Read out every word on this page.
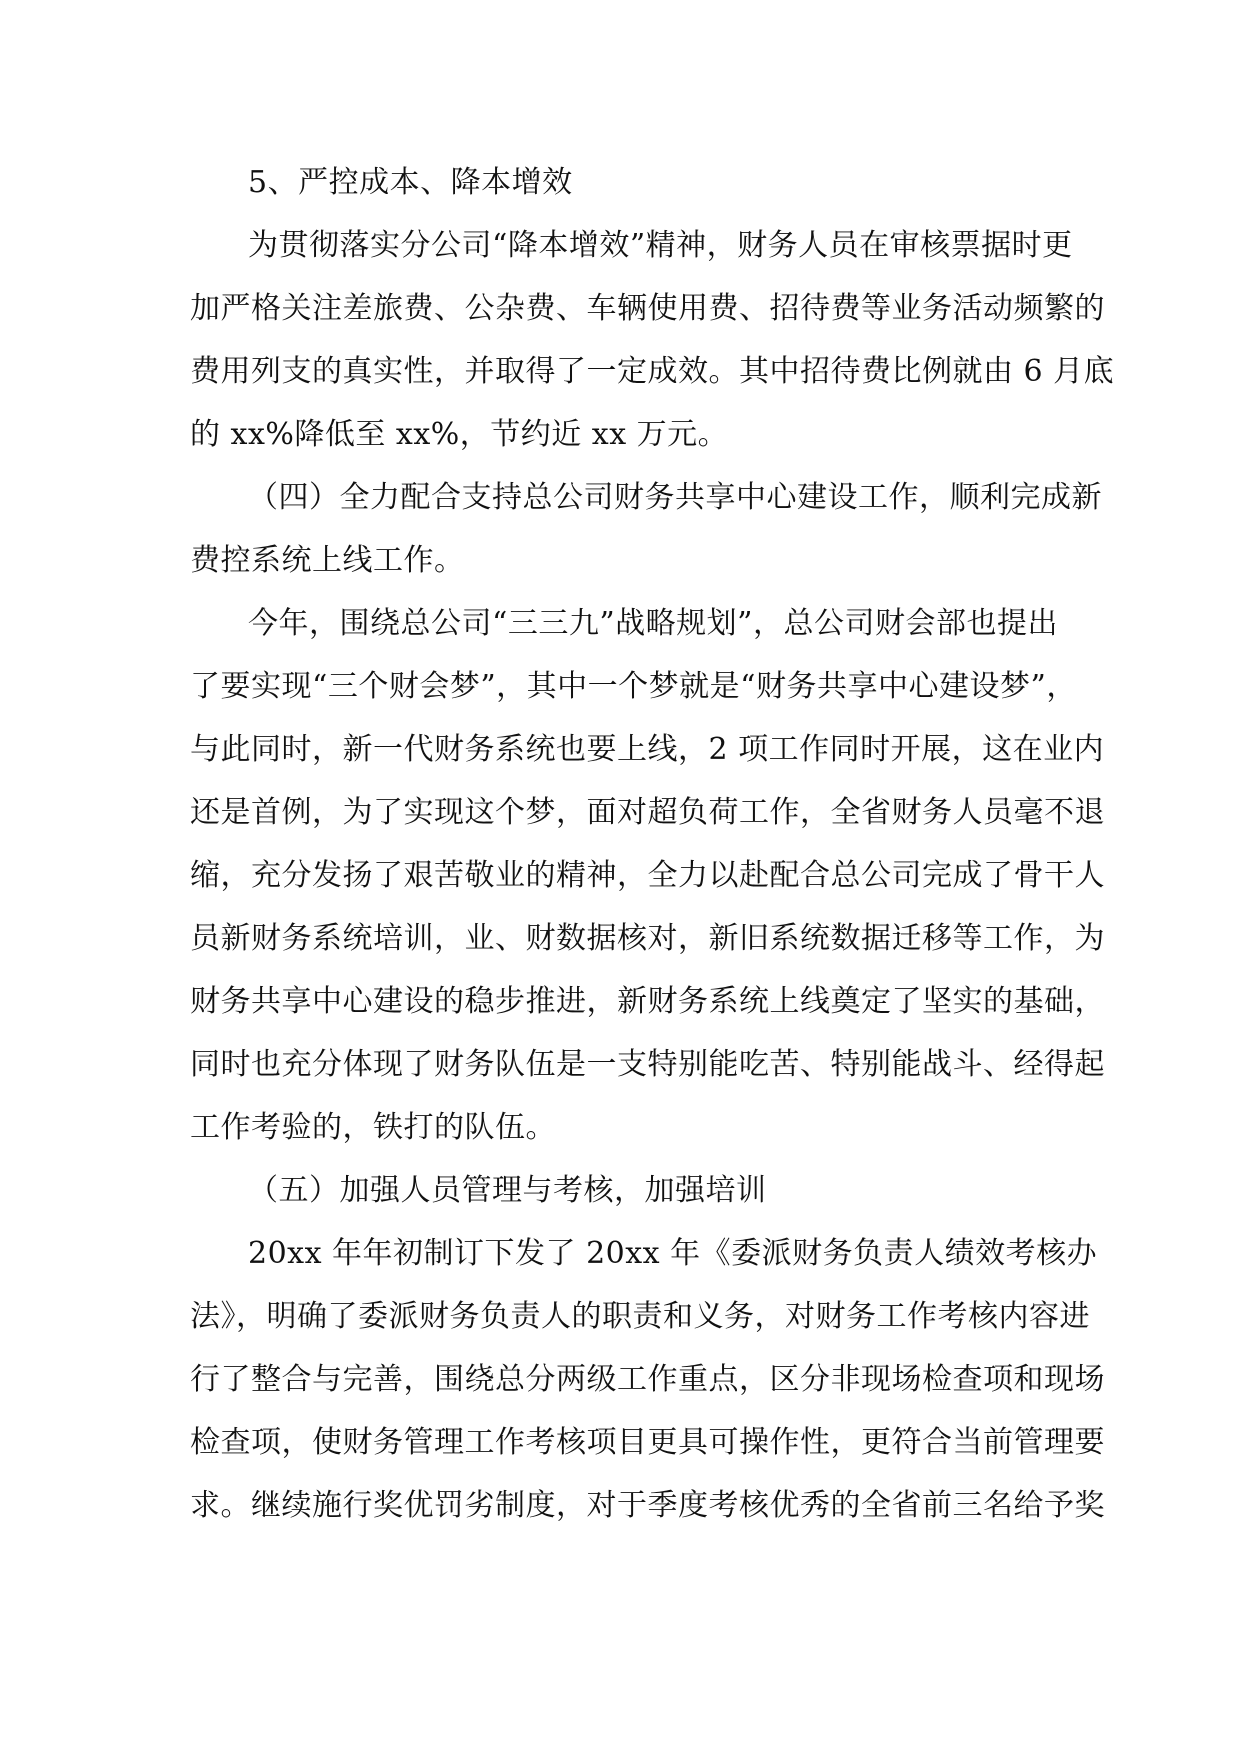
5、严控成本、降本增效
为贯彻落实分公司“降本增效”精神，财务人员在审核票据时更
加严格关注差旅费、公杂费、车辆使用费、招待费等业务活动频繁的
费用列支的真实性，并取得了一定成效。其中招待费比例就由 6 月底
的 xx%降低至 xx%，节约近 xx 万元。
（四）全力配合支持总公司财务共享中心建设工作，顺利完成新
费控系统上线工作。
今年，围绕总公司“三三九”战略规划”，总公司财会部也提出
了要实现“三个财会梦”，其中一个梦就是“财务共享中心建设梦”，
与此同时，新一代财务系统也要上线，2 项工作同时开展，这在业内
还是首例，为了实现这个梦，面对超负荷工作，全省财务人员毫不退
缩，充分发扬了艰苦敬业的精神，全力以赴配合总公司完成了骨干人
员新财务系统培训，业、财数据核对，新旧系统数据迁移等工作，为
财务共享中心建设的稳步推进，新财务系统上线奠定了坚实的基础，
同时也充分体现了财务队伍是一支特别能吃苦、特别能战斗、经得起
工作考验的，铁打的队伍。
（五）加强人员管理与考核，加强培训
20xx 年年初制订下发了 20xx 年《委派财务负责人绩效考核办
法》，明确了委派财务负责人的职责和义务，对财务工作考核内容进
行了整合与完善，围绕总分两级工作重点，区分非现场检查项和现场
检查项，使财务管理工作考核项目更具可操作性，更符合当前管理要
求。继续施行奖优罚劣制度，对于季度考核优秀的全省前三名给予奖
